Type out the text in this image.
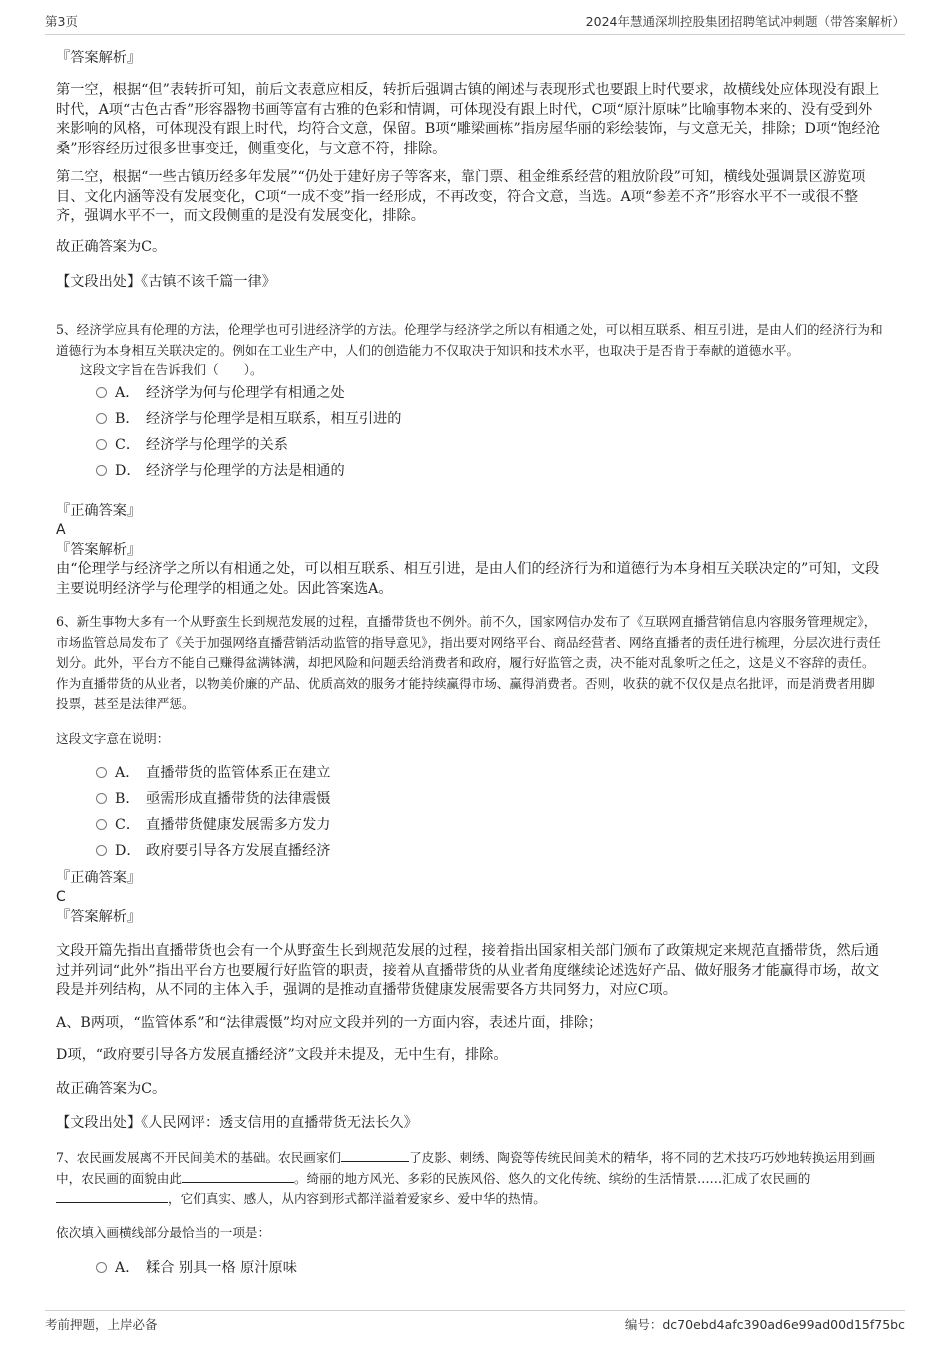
第3页	2024年慧通深圳控股集团招聘笔试冲刺题（带答案解析）
『答案解析』

第一空，根据“但”表转折可知，前后文表意应相反，转折后强调古镇的阐述与表现形式也要跟上时代要求，故横线处应体现没有跟上时代，A项“古色古香”形容器物书画等富有古雅的色彩和情调，可体现没有跟上时代，C项“原汁原味”比喻事物本来的、没有受到外来影响的风格，可体现没有跟上时代，均符合文意，保留。B项“雕梁画栋”指房屋华丽的彩绘装饰，与文意无关，排除；D项“饱经沧桑”形容经历过很多世事变迁，侧重变化，与文意不符，排除。

第二空，根据“一些古镇历经多年发展”“仍处于建好房子等客来，靠门票、租金维系经营的粗放阶段”可知，横线处强调景区游览项目、文化内涵等没有发展变化，C项“一成不变”指一经形成，不再改变，符合文意，当选。A项“参差不齐”形容水平不一或很不整齐，强调水平不一，而文段侧重的是没有发展变化，排除。

故正确答案为C。
【文段出处】《古镇不该千篇一律》

5、经济学应具有伦理的方法，伦理学也可引进经济学的方法。伦理学与经济学之所以有相通之处，可以相互联系、相互引进，是由人们的经济行为和道德行为本身相互关联决定的。例如在工业生产中，人们的创造能力不仅取决于知识和技术水平，也取决于是否肯于奉献的道德水平。

这段文字旨在告诉我们（　　）。
A． 经济学为何与伦理学有相通之处
B． 经济学与伦理学是相互联系，相互引进的
C． 经济学与伦理学的关系
D． 经济学与伦理学的方法是相通的
『正确答案』
A
『答案解析』

由“伦理学与经济学之所以有相通之处，可以相互联系、相互引进，是由人们的经济行为和道德行为本身相互关联决定的”可知，文段主要说明经济学与伦理学的相通之处。因此答案选A。

6、新生事物大多有一个从野蛮生长到规范发展的过程，直播带货也不例外。前不久，国家网信办发布了《互联网直播营销信息内容服务管理规定》，市场监管总局发布了《关于加强网络直播营销活动监管的指导意见》，指出要对网络平台、商品经营者、网络直播者的责任进行梳理，分层次进行责任划分。此外，平台方不能自己赚得盆满钵满，却把风险和问题丢给消费者和政府，履行好监管之责，决不能对乱象听之任之，这是义不容辞的责任。作为直播带货的从业者，以物美价廉的产品、优质高效的服务才能持续赢得市场、赢得消费者。否则，收获的就不仅仅是点名批评，而是消费者用脚投票，甚至是法律严惩。

这段文字意在说明：
A． 直播带货的监管体系正在建立
B． 亟需形成直播带货的法律震慑
C． 直播带货健康发展需多方发力
D． 政府要引导各方发展直播经济
『正确答案』
C
『答案解析』

文段开篇先指出直播带货也会有一个从野蛮生长到规范发展的过程，接着指出国家相关部门颁布了政策规定来规范直播带货，然后通过并列词“此外”指出平台方也要履行好监管的职责，接着从直播带货的从业者角度继续论述选好产品、做好服务才能赢得市场，故文段是并列结构，从不同的主体入手，强调的是推动直播带货健康发展需要各方共同努力，对应C项。

A、B两项，“监管体系”和“法律震慑”均对应文段并列的一方面内容，表述片面，排除；
D项，“政府要引导各方发展直播经济”文段并未提及，无中生有，排除。
故正确答案为C。
【文段出处】《人民网评：透支信用的直播带货无法长久》

7、农民画发展离不开民间美术的基础。农民画家们	了皮影、刺绣、陶瓷等传统民间美术的精华，将不同的艺术技巧巧妙地转换运用到画中，农民画的面貌由此	。绮丽的地方风光、多彩的民族风俗、悠久的文化传统、缤纷的生活情景……汇成了农民画的，它们真实、感人，从内容到形式都洋溢着爱家乡、爱中华的热情。

依次填入画横线部分最恰当的一项是：
A． 糅合 别具一格 原汁原味
考前押题，上岸必备	编号：dc70ebd4afc390ad6e99ad00d15f75bc
